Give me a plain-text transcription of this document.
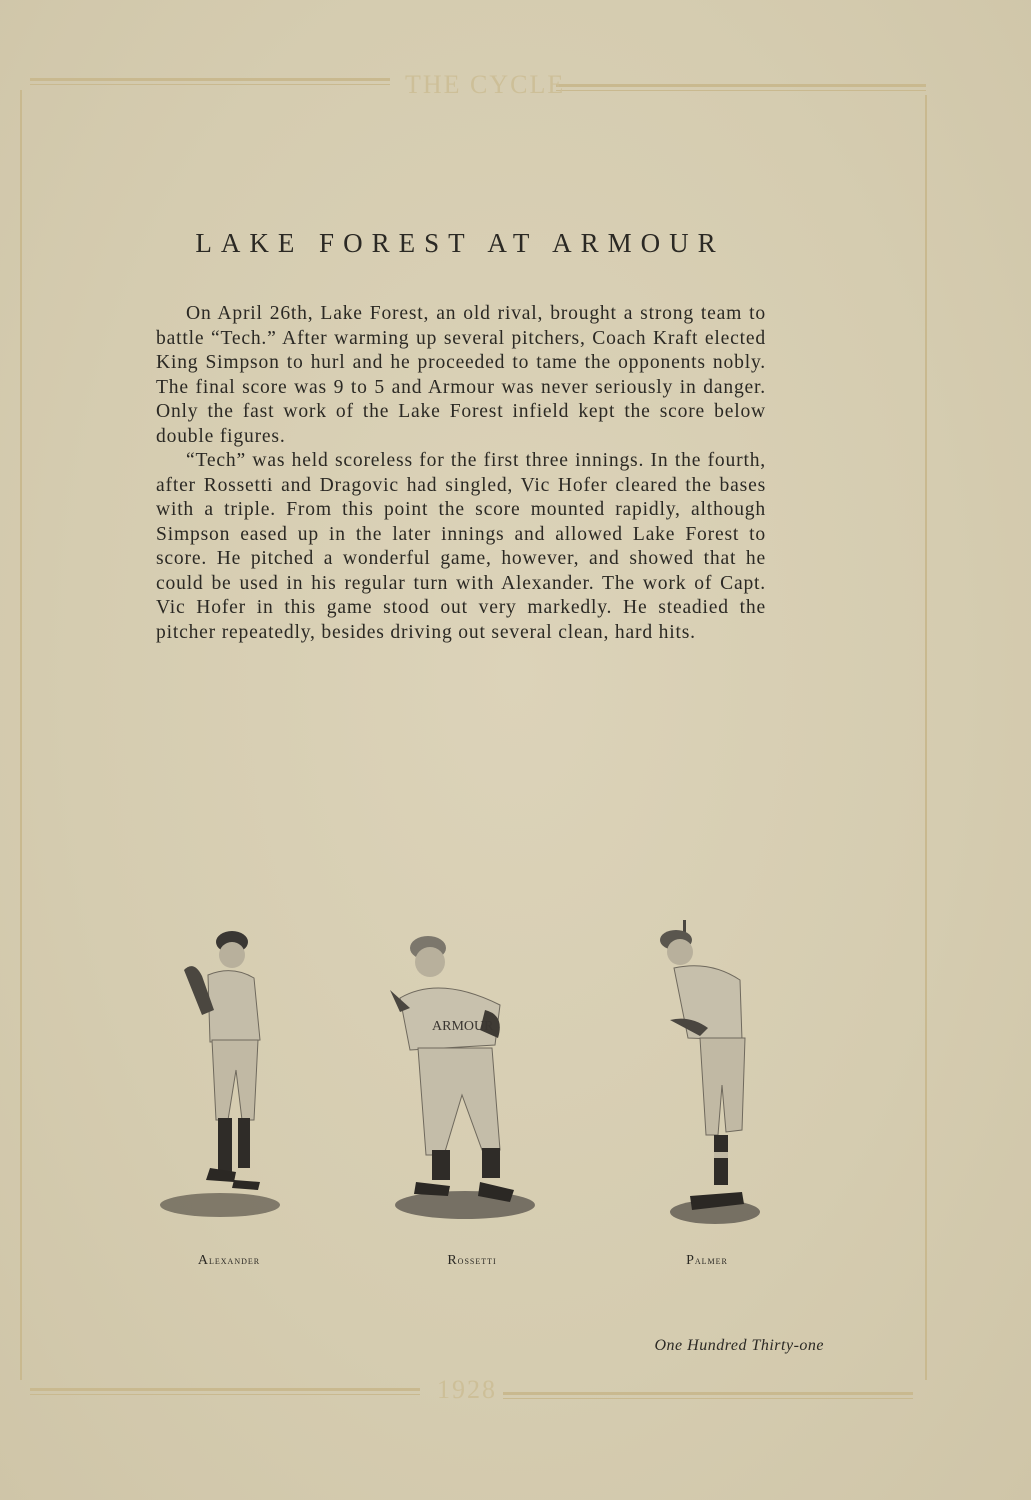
THE CYCLE
1928
LAKE FOREST AT ARMOUR

On April 26th, Lake Forest, an old rival, brought a strong team to battle “Tech.” After warming up several pitchers, Coach Kraft elected King Simpson to hurl and he proceeded to tame the opponents nobly. The final score was 9 to 5 and Armour was never seriously in danger. Only the fast work of the Lake Forest infield kept the score below double figures.

“Tech” was held scoreless for the first three innings. In the fourth, after Rossetti and Dragovic had singled, Vic Hofer cleared the bases with a triple. From this point the score mounted rapidly, although Simpson eased up in the later innings and allowed Lake Forest to score. He pitched a wonderful game, however, and showed that he could be used in his regular turn with Alexander. The work of Capt. Vic Hofer in this game stood out very markedly. He steadied the pitcher repeatedly, besides driving out several clean, hard hits.

ARMOUR
Alexander	Rossetti	Palmer
One Hundred Thirty-one
